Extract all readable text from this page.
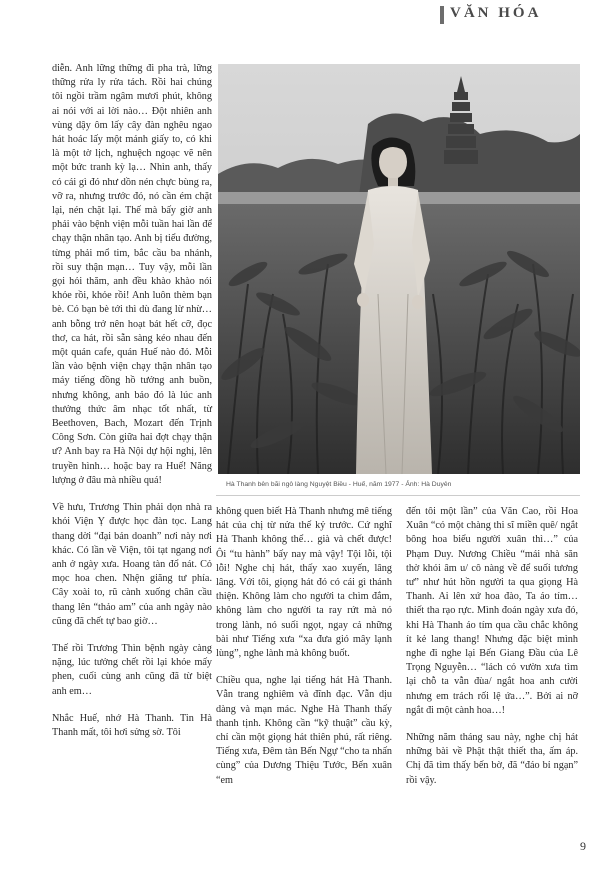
VĂN HÓA

diễn. Anh lững thững đi pha trà, lững thững rửa ly rửa tách. Rồi hai chúng tôi ngồi trầm ngâm mươi phút, không ai nói với ai lời nào… Đột nhiên anh vùng dậy ôm lấy cây đàn nghêu ngao hát hoác lấy một mảnh giấy to, có khi là một tờ lịch, nghuệch ngoạc vẽ nên một bức tranh kỳ lạ… Nhìn anh, thấy có cái gì đó như dồn nén chực bùng ra, vỡ ra, nhưng trước đó, nó cần ém chặt lại, nén chặt lại. Thế mà bấy giờ anh phải vào bệnh viện mỗi tuần hai lần để chạy thận nhân tạo. Anh bị tiểu đường, từng phải mổ tim, bắc cầu ba nhánh, rồi suy thận mạn… Tuy vậy, mỗi lần gọi hỏi thăm, anh đều khào khào nói khỏe rồi, khỏe rồi! Anh luôn thèm bạn bè. Có bạn bè tới thì dù đang lừ nhừ… anh bỗng trở nên hoạt bát hết cỡ, đọc thơ, ca hát, rồi sẵn sàng kéo nhau đến một quán cafe, quán Huế nào đó. Mỗi lần vào bệnh viện chạy thận nhân tạo máy tiếng đồng hồ tưởng anh buồn, nhưng không, anh bảo đó là lúc anh thưởng thức âm nhạc tốt nhất, từ Beethoven, Bach, Mozart đến Trịnh Công Sơn. Còn giữa hai đợt chạy thận ư? Anh bay ra Hà Nội dự hội nghị, lên truyền hình… hoặc bay ra Huế! Năng lượng ở đâu mà nhiều quá!

Về hưu, Trương Thìn phải dọn nhà ra khỏi Viện Ỵ được học đàn tọc. Lang thang dời “đại bản doanh” nơi này nơi khác. Có lần về Viện, tôi tạt ngang nơi anh ở ngày xưa. Hoang tàn đổ nát. Cỏ mọc hoa chen. Nhện giăng tư phía. Cây xoài to, rũ cành xuống chân cầu thang lên “thảo am” của anh ngày nào cũng đã chết tự bao giờ…

Thế rồi Trương Thìn bệnh ngày càng nặng, lúc tưởng chết rồi lại khỏe mấy phen, cuối cùng anh cũng đã từ biệt anh em…

Nhắc Huế, nhớ Hà Thanh. Tin Hà Thanh mất, tôi hơi sửng sờ. Tôi

Hà Thanh bên bãi ngô làng Nguyệt Biều - Huế, năm 1977 - Ảnh: Hà Duyên

không quen biết Hà Thanh nhưng mê tiếng hát của chị từ nửa thế kỷ trước. Cứ nghĩ Hà Thanh không thể… già và chết được! Ôi “tu hành” bấy nay mà vậy! Tội lỗi, tội lỗi! Nghe chị hát, thấy xao xuyến, lâng lâng. Với tôi, giọng hát đó có cái gì thánh thiện. Không làm cho người ta chìm đắm, không làm cho người ta ray rứt mà nó trong lành, nó suối ngọt, ngay cả những bài như Tiếng xưa “xa đưa gió mây lạnh lùng”, nghe lành mà không buốt.

Chiều qua, nghe lại tiếng hát Hà Thanh. Vẫn trang nghiêm và đĩnh đạc. Vẫn dịu dàng và mạn mác. Nghe Hà Thanh thấy thanh tịnh. Không cần “kỹ thuật” cầu kỳ, chỉ cần một giọng hát thiên phú, rất riêng. Tiếng xưa, Đêm tàn Bến Ngự “cho ta nhấn cùng” của Dương Thiệu Tước, Bến xuân “em

đến tôi một lần” của Văn Cao, rồi Hoa Xuân “có một chàng thi sĩ miền quê/ ngắt bông hoa biểu người xuân thì…” của Phạm Duy. Nương Chiều “mái nhà săn thờ khói âm u/ cô nàng về để suối tương tư” như hút hồn người ta qua giọng Hà Thanh. Ai lên xứ hoa đào, Ta áo tím… thiết tha rạo rực. Mình đoán ngày xưa đó, khi Hà Thanh áo tím qua cầu chắc không ít kẻ lang thang! Nhưng đặc biệt mình nghe đi nghe lại Bến Giang Đầu của Lê Trọng Nguyễn… “lách cỏ vườn xưa tìm lại chỗ ta vẫn đùa/ ngắt hoa anh cười nhưng em trách rối lệ ứa…”. Bởi ai nỡ ngắt đi một cành hoa…!

Những năm tháng sau này, nghe chị hát những bài về Phật thật thiết tha, ấm áp. Chị đã tìm thấy bến bờ, đã “đáo bỉ ngạn” rồi vậy.

9
